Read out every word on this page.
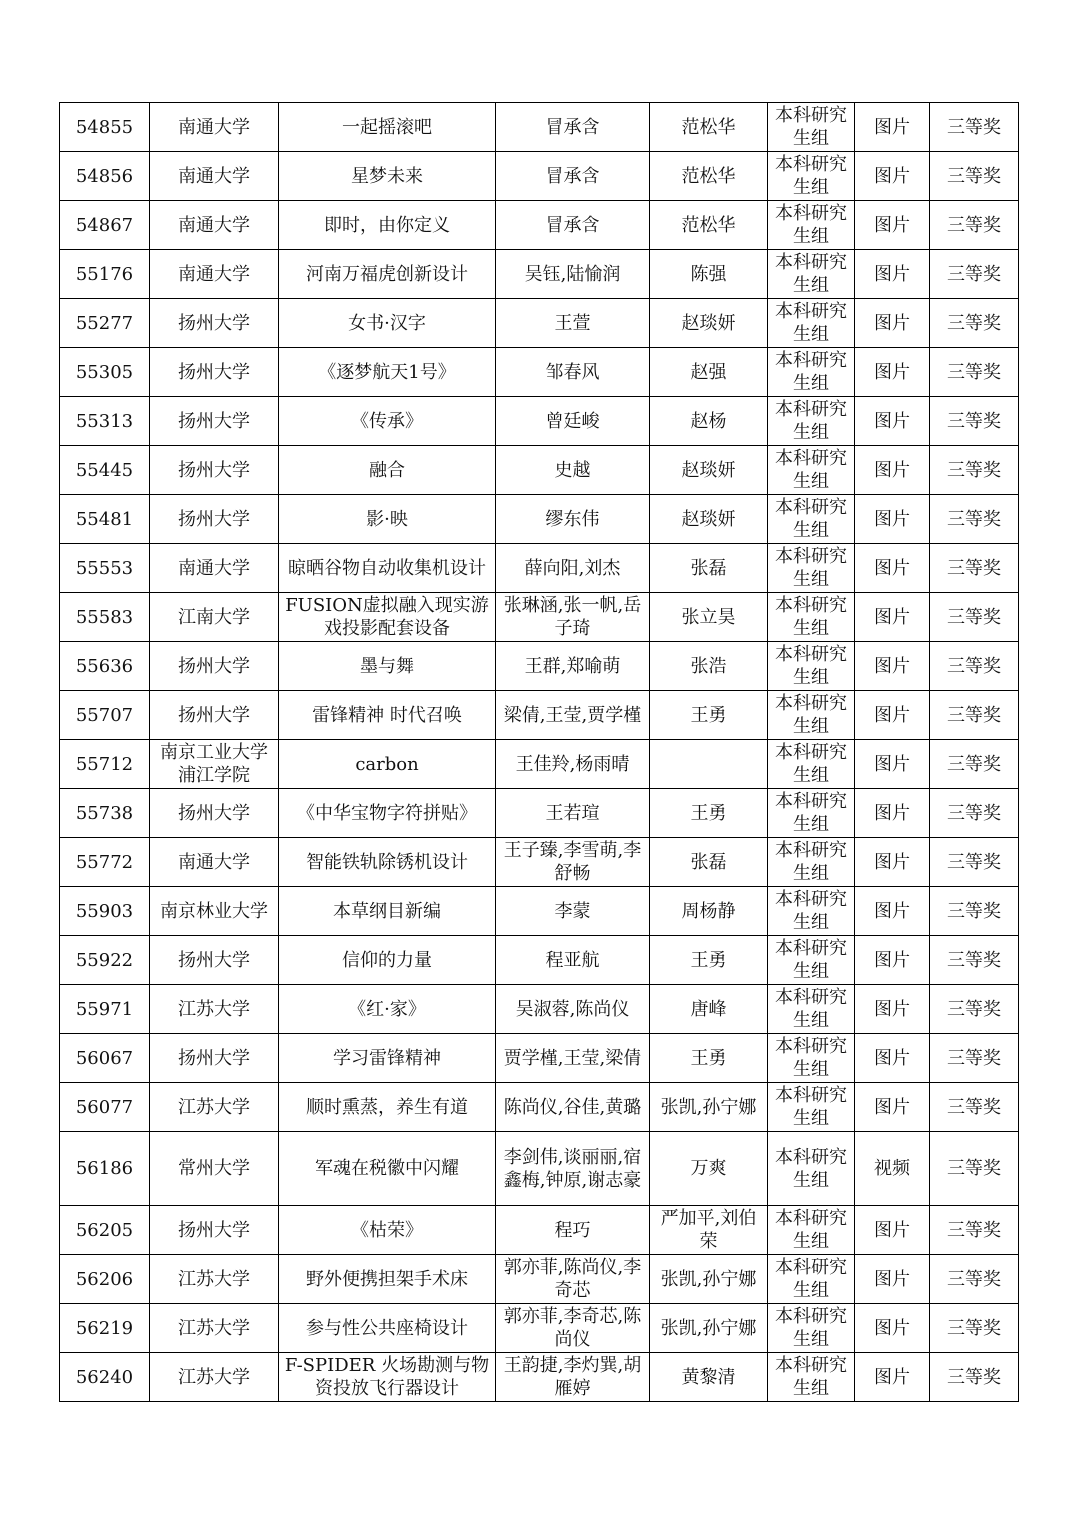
54855	南通大学	一起摇滚吧	冒承含	范松华	本科研究生组	图片	三等奖
54856	南通大学	星梦未来	冒承含	范松华	本科研究生组	图片	三等奖
54867	南通大学	即时，由你定义	冒承含	范松华	本科研究生组	图片	三等奖
55176	南通大学	河南万福虎创新设计	吴钰,陆愉润	陈强	本科研究生组	图片	三等奖
55277	扬州大学	女书·汉字	王萱	赵琰妍	本科研究生组	图片	三等奖
55305	扬州大学	《逐梦航天1号》	邹春风	赵强	本科研究生组	图片	三等奖
55313	扬州大学	《传承》	曾廷峻	赵杨	本科研究生组	图片	三等奖
55445	扬州大学	融合	史越	赵琰妍	本科研究生组	图片	三等奖
55481	扬州大学	影·映	缪东伟	赵琰妍	本科研究生组	图片	三等奖
55553	南通大学	晾晒谷物自动收集机设计	薛向阳,刘杰	张磊	本科研究生组	图片	三等奖
55583	江南大学	FUSION虚拟融入现实游戏投影配套设备	张琳涵,张一帆,岳子琦	张立昊	本科研究生组	图片	三等奖
55636	扬州大学	墨与舞	王群,郑喻萌	张浩	本科研究生组	图片	三等奖
55707	扬州大学	雷锋精神 时代召唤	梁倩,王莹,贾学槿	王勇	本科研究生组	图片	三等奖
55712	南京工业大学浦江学院	carbon	王佳羚,杨雨晴		本科研究生组	图片	三等奖
55738	扬州大学	《中华宝物字符拼贴》	王若瑄	王勇	本科研究生组	图片	三等奖
55772	南通大学	智能铁轨除锈机设计	王子臻,李雪萌,李舒畅	张磊	本科研究生组	图片	三等奖
55903	南京林业大学	本草纲目新编	李蒙	周杨静	本科研究生组	图片	三等奖
55922	扬州大学	信仰的力量	程亚航	王勇	本科研究生组	图片	三等奖
55971	江苏大学	《红·家》	吴淑蓉,陈尚仪	唐峰	本科研究生组	图片	三等奖
56067	扬州大学	学习雷锋精神	贾学槿,王莹,梁倩	王勇	本科研究生组	图片	三等奖
56077	江苏大学	顺时熏蒸，养生有道	陈尚仪,谷佳,黄璐	张凯,孙宁娜	本科研究生组	图片	三等奖
56186	常州大学	军魂在税徽中闪耀	李剑伟,谈丽丽,宿鑫梅,钟原,谢志豪	万爽	本科研究生组	视频	三等奖
56205	扬州大学	《枯荣》	程巧	严加平,刘伯荣	本科研究生组	图片	三等奖
56206	江苏大学	野外便携担架手术床	郭亦菲,陈尚仪,李奇芯	张凯,孙宁娜	本科研究生组	图片	三等奖
56219	江苏大学	参与性公共座椅设计	郭亦菲,李奇芯,陈尚仪	张凯,孙宁娜	本科研究生组	图片	三等奖
56240	江苏大学	F-SPIDER 火场勘测与物资投放飞行器设计	王韵捷,李灼巽,胡雁婷	黄黎清	本科研究生组	图片	三等奖
